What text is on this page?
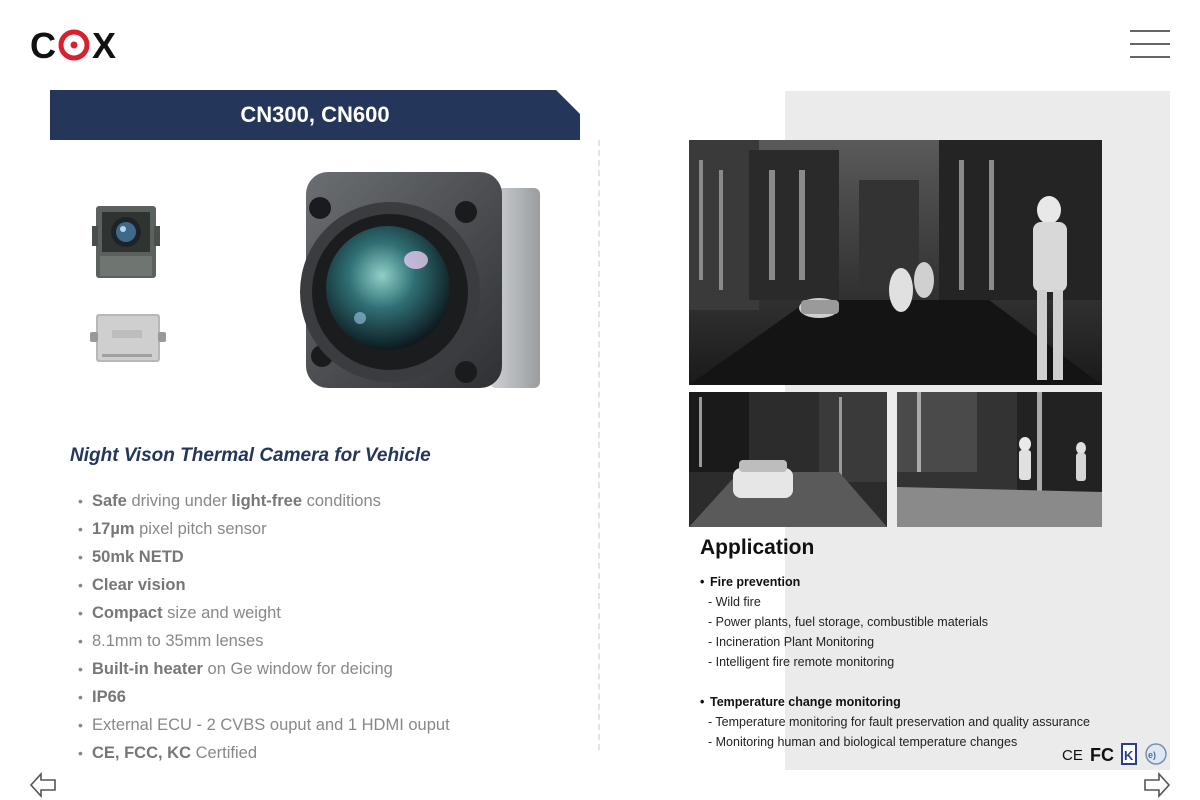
C X
CN300, CN600
Night Vison Thermal Camera for Vehicle
• Safe driving under light-free conditions
• 17µm pixel pitch sensor
• 50mk NETD
• Clear vision
• Compact size and weight
• 8.1mm to 35mm lenses
• Built-in heater on Ge window for deicing
• IP66
• External ECU - 2 CVBS ouput and 1 HDMI ouput
• CE, FCC, KC Certified
Application
• Fire prevention
- Wild fire
- Power plants, fuel storage, combustible materials
- Incineration Plant Monitoring
- Intelligent fire remote monitoring
• Temperature change monitoring
- Temperature monitoring for fault preservation and quality assurance
- Monitoring human and biological temperature changes
CE FC K e)
